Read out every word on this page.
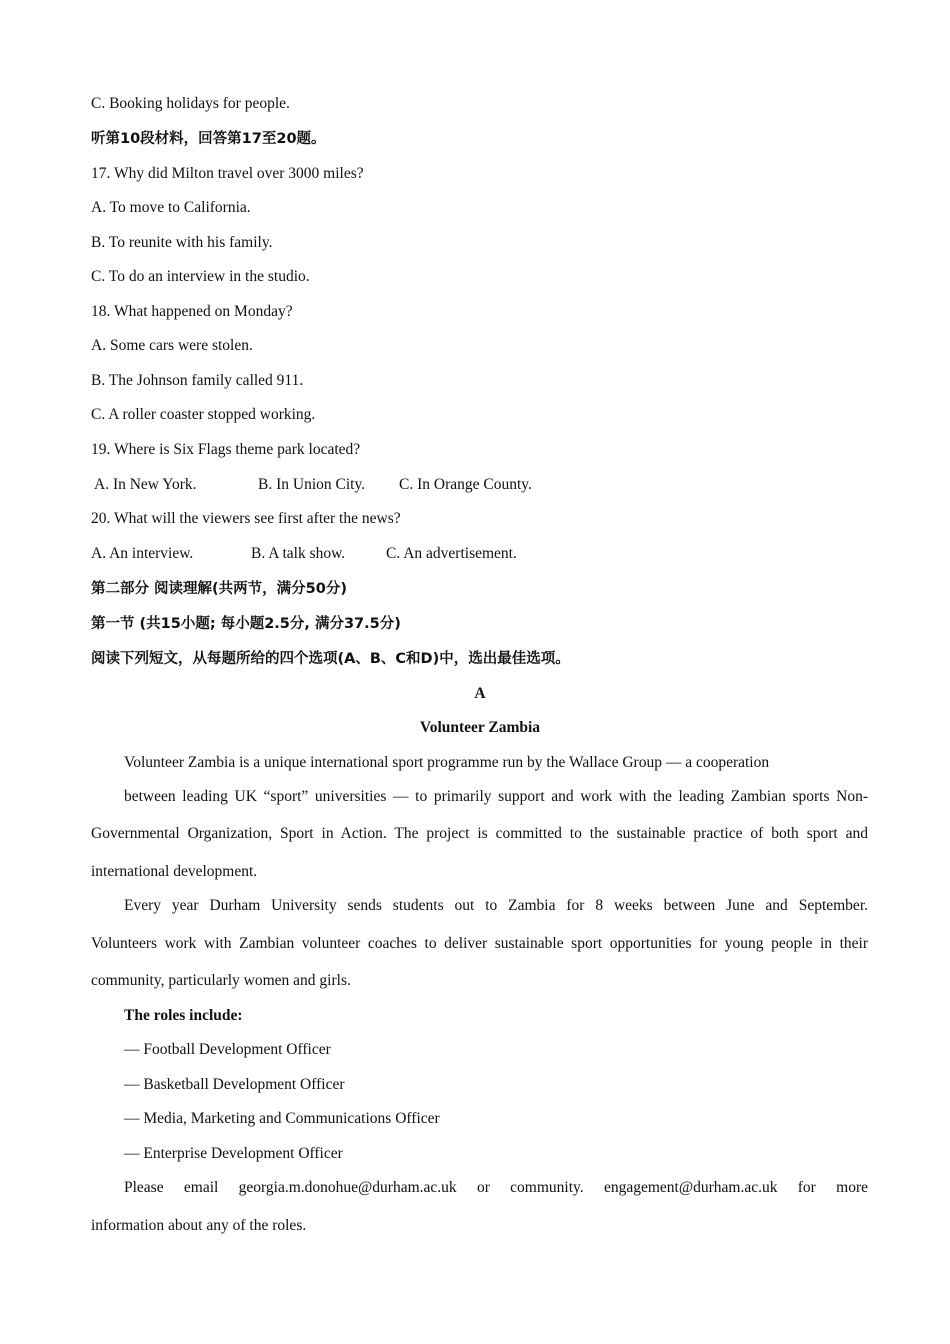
C. Booking holidays for people.
听第10段材料，回答第17至20题。
17. Why did Milton travel over 3000 miles?
A. To move to California.
B. To reunite with his family.
C. To do an interview in the studio.
18. What happened on Monday?
A. Some cars were stolen.
B. The Johnson family called 911.
C. A roller coaster stopped working.
19. Where is Six Flags theme park located?
A. In New York.	B. In Union City. C. In Orange County.
20. What will the viewers see first after the news?
A. An interview.	B. A talk show.	C. An advertisement.
第二部分 阅读理解(共两节，满分50分)
第一节 (共15小题; 每小题2.5分, 满分37.5分)
阅读下列短文，从每题所给的四个选项(A、B、C和D)中，选出最佳选项。
A
Volunteer Zambia
Volunteer Zambia is a unique international sport programme run by the Wallace Group — a cooperation
between leading UK “sport” universities — to primarily support and work with the leading Zambian sports Non-
Governmental Organization, Sport in Action. The project is committed to the sustainable practice of both sport and
international development.
Every year Durham University sends students out to Zambia for 8 weeks between June and September.
Volunteers work with Zambian volunteer coaches to deliver sustainable sport opportunities for young people in their
community, particularly women and girls.
The roles include:
— Football Development Officer
— Basketball Development Officer
— Media, Marketing and Communications Officer
— Enterprise Development Officer
Please email georgia.m.donohue@durham.ac.uk or community. engagement@durham.ac.uk for more
information about any of the roles.
